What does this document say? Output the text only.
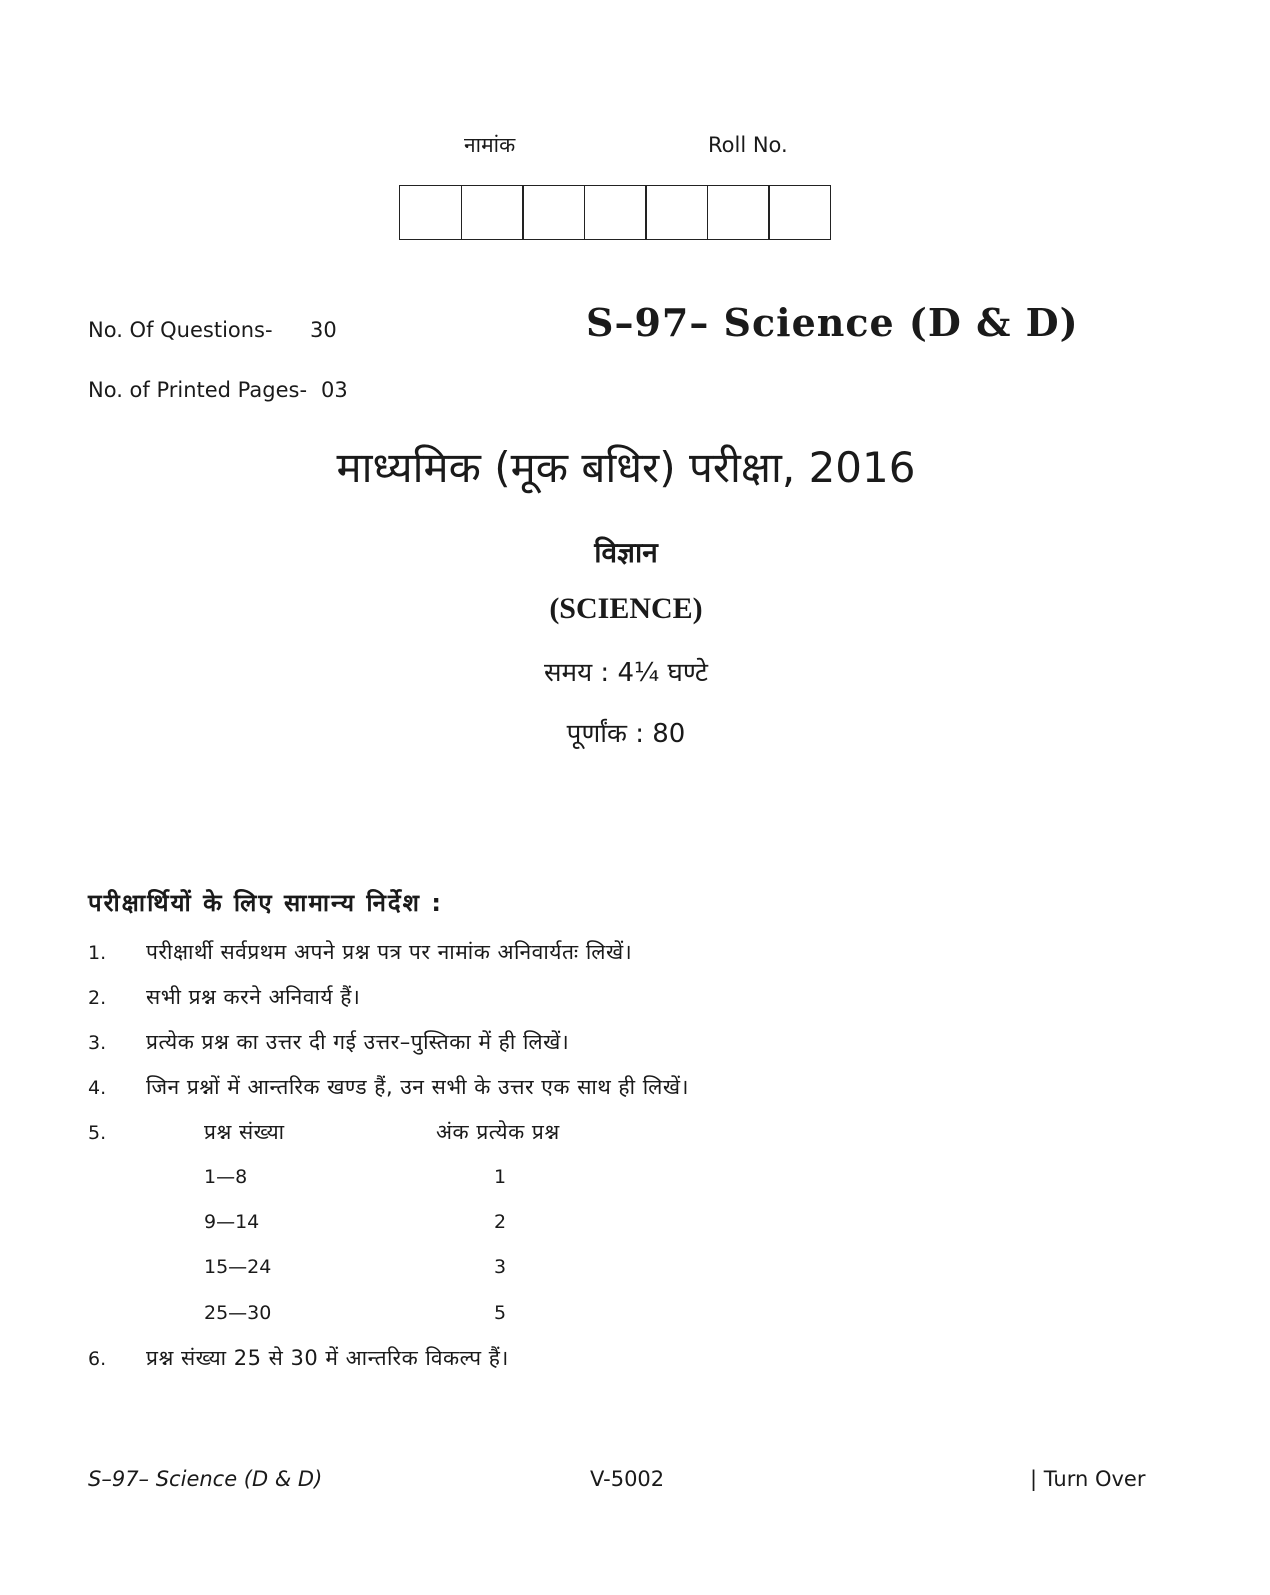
नामांक	Roll No.
No. Of Questions- 30	S–97– Science (D & D)
No. of Printed Pages- 03
माध्यमिक (मूक बधिर) परीक्षा, 2016
विज्ञान
(SCIENCE)
समय : 4¼ घण्टे
पूर्णांक : 80
परीक्षार्थियों के लिए सामान्य निर्देश :
1. परीक्षार्थी सर्वप्रथम अपने प्रश्न पत्र पर नामांक अनिवार्यतः लिखें।
2. सभी प्रश्न करने अनिवार्य हैं।
3. प्रत्येक प्रश्न का उत्तर दी गई उत्तर–पुस्तिका में ही लिखें।
4. जिन प्रश्नों में आन्तरिक खण्ड हैं, उन सभी के उत्तर एक साथ ही लिखें।
5.	प्रश्न संख्या	अंक प्रत्येक प्रश्न
1—8	1
9—14	2
15—24	3
25—30	5
6. प्रश्न संख्या 25 से 30 में आन्तरिक विकल्प हैं।
S–97– Science (D & D)	V-5002	| Turn Over
